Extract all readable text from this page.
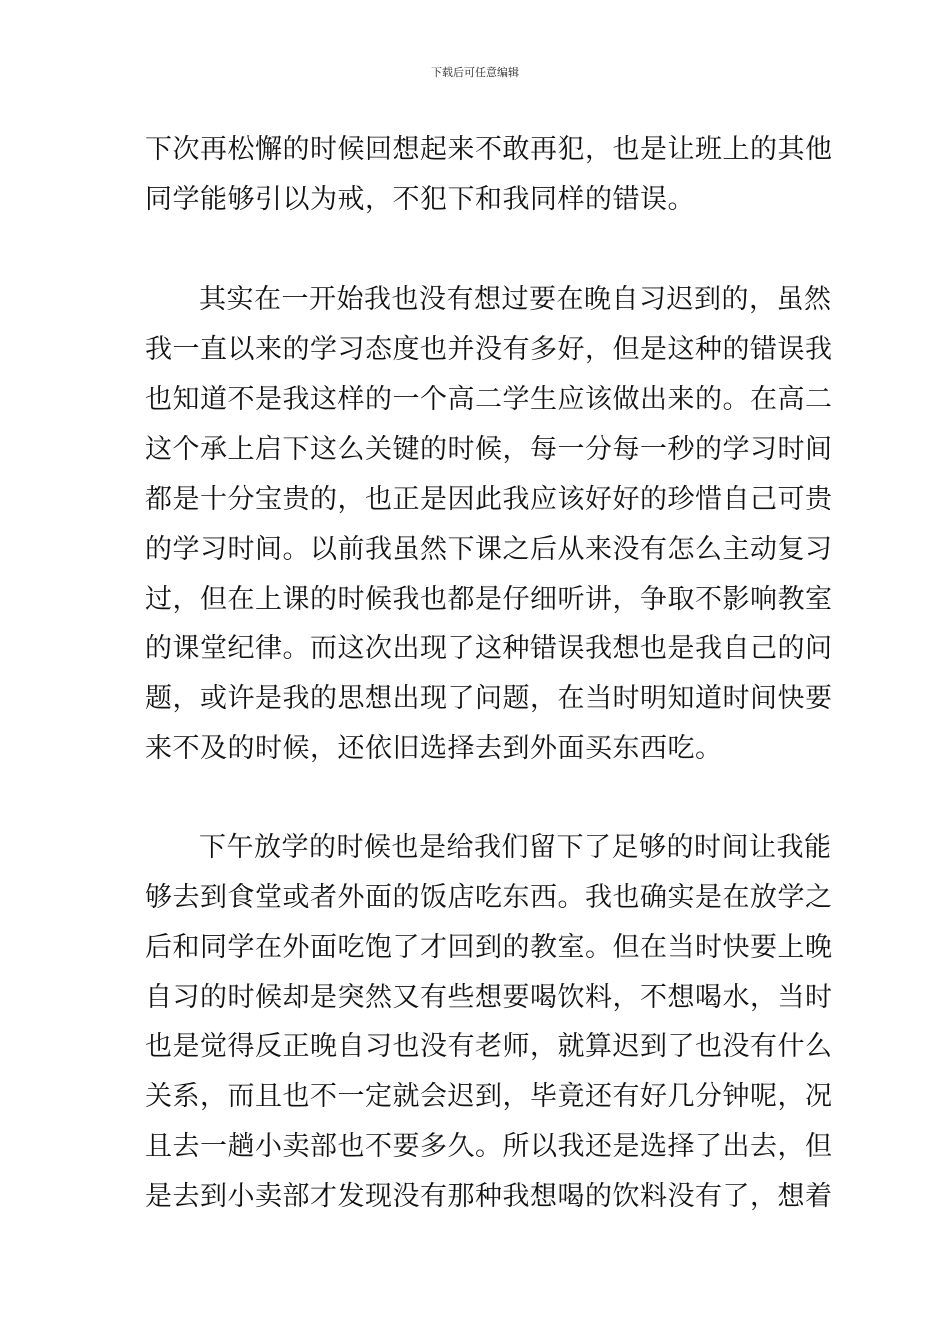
下载后可任意编辑
下次再松懈的时候回想起来不敢再犯，也是让班上的其他
同学能够引以为戒，不犯下和我同样的错误。
其实在一开始我也没有想过要在晚自习迟到的，虽然
我一直以来的学习态度也并没有多好，但是这种的错误我
也知道不是我这样的一个高二学生应该做出来的。在高二
这个承上启下这么关键的时候，每一分每一秒的学习时间
都是十分宝贵的，也正是因此我应该好好的珍惜自己可贵
的学习时间。以前我虽然下课之后从来没有怎么主动复习
过，但在上课的时候我也都是仔细听讲，争取不影响教室
的课堂纪律。而这次出现了这种错误我想也是我自己的问
题，或许是我的思想出现了问题，在当时明知道时间快要
来不及的时候，还依旧选择去到外面买东西吃。
下午放学的时候也是给我们留下了足够的时间让我能
够去到食堂或者外面的饭店吃东西。我也确实是在放学之
后和同学在外面吃饱了才回到的教室。但在当时快要上晚
自习的时候却是突然又有些想要喝饮料，不想喝水，当时
也是觉得反正晚自习也没有老师，就算迟到了也没有什么
关系，而且也不一定就会迟到，毕竟还有好几分钟呢，况
且去一趟小卖部也不要多久。所以我还是选择了出去，但
是去到小卖部才发现没有那种我想喝的饮料没有了，想着
